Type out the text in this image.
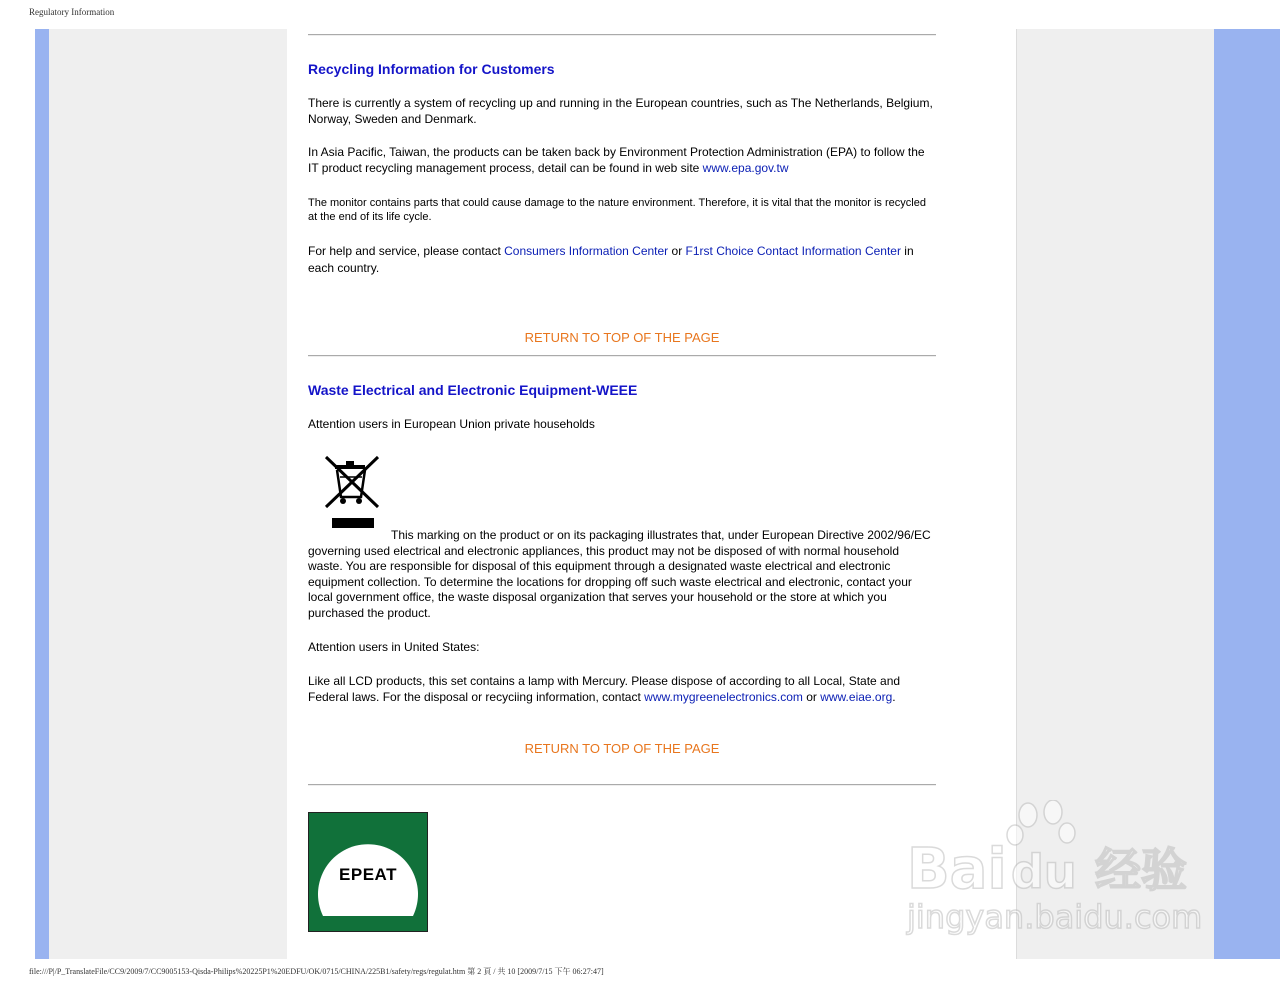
Regulatory Information
Recycling Information for Customers

There is currently a system of recycling up and running in the European countries, such as The Netherlands, Belgium, Norway, Sweden and Denmark.

In Asia Pacific, Taiwan, the products can be taken back by Environment Protection Administration (EPA) to follow the IT product recycling management process, detail can be found in web site www.epa.gov.tw

The monitor contains parts that could cause damage to the nature environment. Therefore, it is vital that the monitor is recycled at the end of its life cycle.

For help and service, please contact Consumers Information Center or F1rst Choice Contact Information Center in each country.

RETURN TO TOP OF THE PAGE
Waste Electrical and Electronic Equipment-WEEE

Attention users in European Union private households

This marking on the product or on its packaging illustrates that, under European Directive 2002/96/EC governing used electrical and electronic appliances, this product may not be disposed of with normal household waste. You are responsible for disposal of this equipment through a designated waste electrical and electronic equipment collection. To determine the locations for dropping off such waste electrical and electronic, contact your local government office, the waste disposal organization that serves your household or the store at which you purchased the product.

Attention users in United States:

Like all LCD products, this set contains a lamp with Mercury. Please dispose of according to all Local, State and Federal laws. For the disposal or recyciing information, contact www.mygreenelectronics.com or www.eiae.org.

RETURN TO TOP OF THE PAGE
EPEAT	Bai du 经验
jingyan.baidu.com
file:///P|/P_TranslateFile/CC9/2009/7/CC9005153-Qisda-Philips%20225P1%20EDFU/OK/0715/CHINA/225B1/safety/regs/regulat.htm 第 2 頁 / 共 10 [2009/7/15 下午 06:27:47]
